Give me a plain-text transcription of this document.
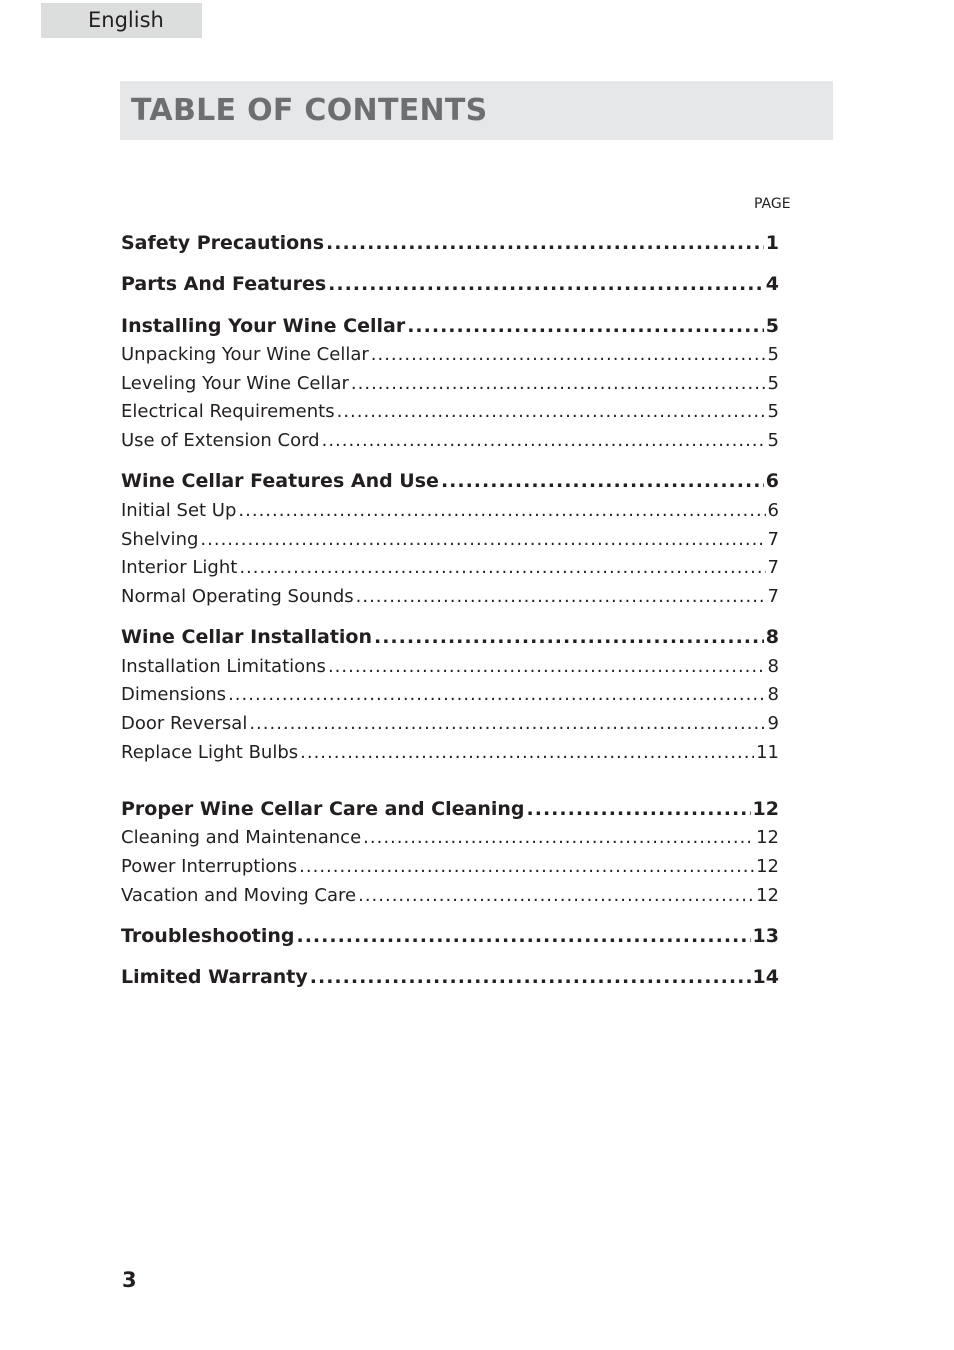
English
TABLE OF CONTENTS
PAGE
Safety Precautions .....	1
Parts And Features .....	4
Installing Your Wine Cellar .....	5
Unpacking Your Wine Cellar .....	5
Leveling Your Wine Cellar .....	5
Electrical Requirements .....	5
Use of Extension Cord .....	5
Wine Cellar Features And Use .....	6
Initial Set Up .....	6
Shelving .....	7
Interior Light .....	7
Normal Operating Sounds .....	7
Wine Cellar Installation .....	8
Installation Limitations .....	8
Dimensions .....	8
Door Reversal .....	9
Replace Light Bulbs .....	11
Proper Wine Cellar Care and Cleaning .....	12
Cleaning and Maintenance .....	12
Power Interruptions .....	12
Vacation and Moving Care .....	12
Troubleshooting .....	13
Limited Warranty .....	14
3
